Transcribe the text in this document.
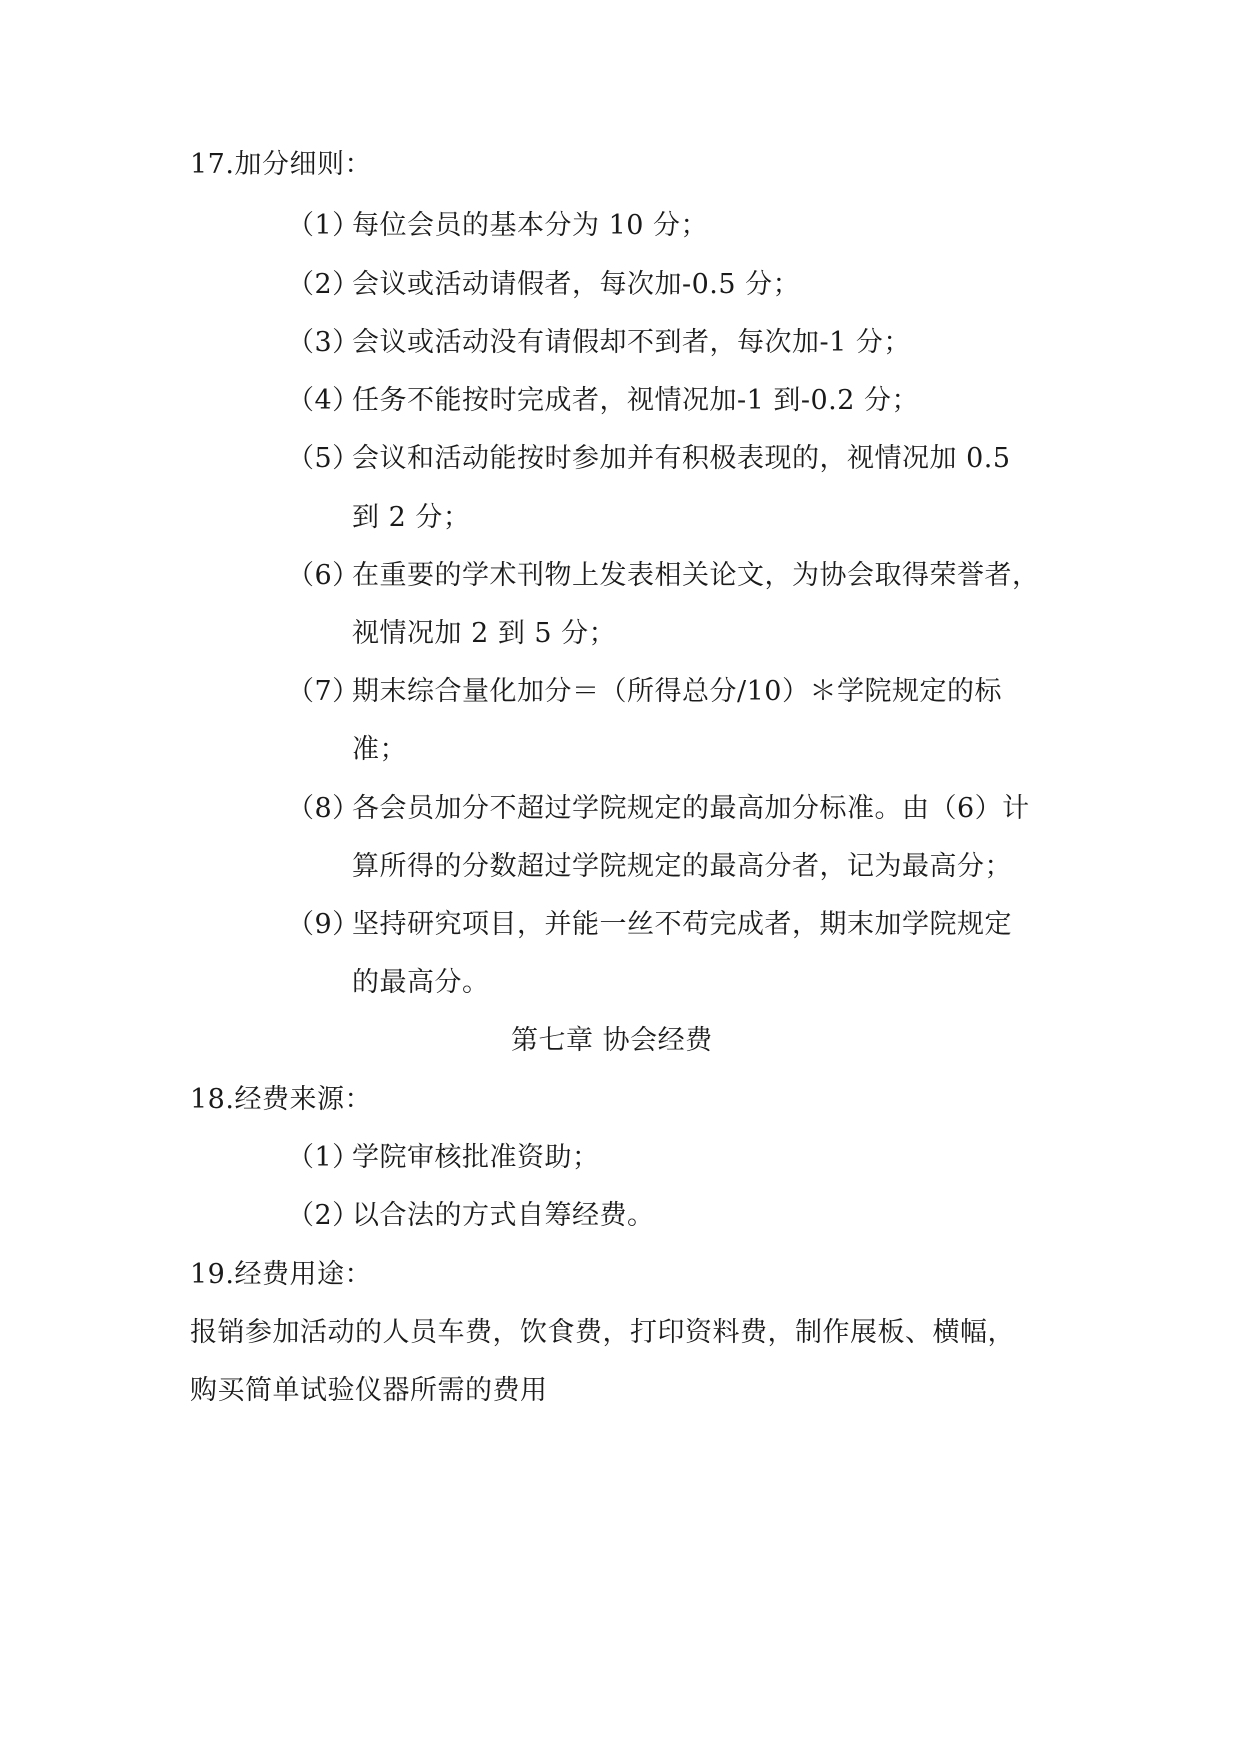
17.加分细则：
（1）
每位会员的基本分为 10 分；
（2）
会议或活动请假者，每次加-0.5 分；
（3）
会议或活动没有请假却不到者，每次加-1 分；
（4）
任务不能按时完成者，视情况加-1 到-0.2 分；
（5）
会议和活动能按时参加并有积极表现的，视情况加 0.5
到 2 分；
（6）
在重要的学术刊物上发表相关论文，为协会取得荣誉者，
视情况加 2 到 5 分；
（7）
期末综合量化加分＝（所得总分/10）＊学院规定的标
准；
（8）
各会员加分不超过学院规定的最高加分标准。由（6）计
算所得的分数超过学院规定的最高分者，记为最高分；
（9）
坚持研究项目，并能一丝不苟完成者，期末加学院规定
的最高分。
第七章 协会经费
18.经费来源：
（1）
学院审核批准资助；
（2）
以合法的方式自筹经费。
19.经费用途：
报销参加活动的人员车费，饮食费，打印资料费，制作展板、横幅，
购买简单试验仪器所需的费用
